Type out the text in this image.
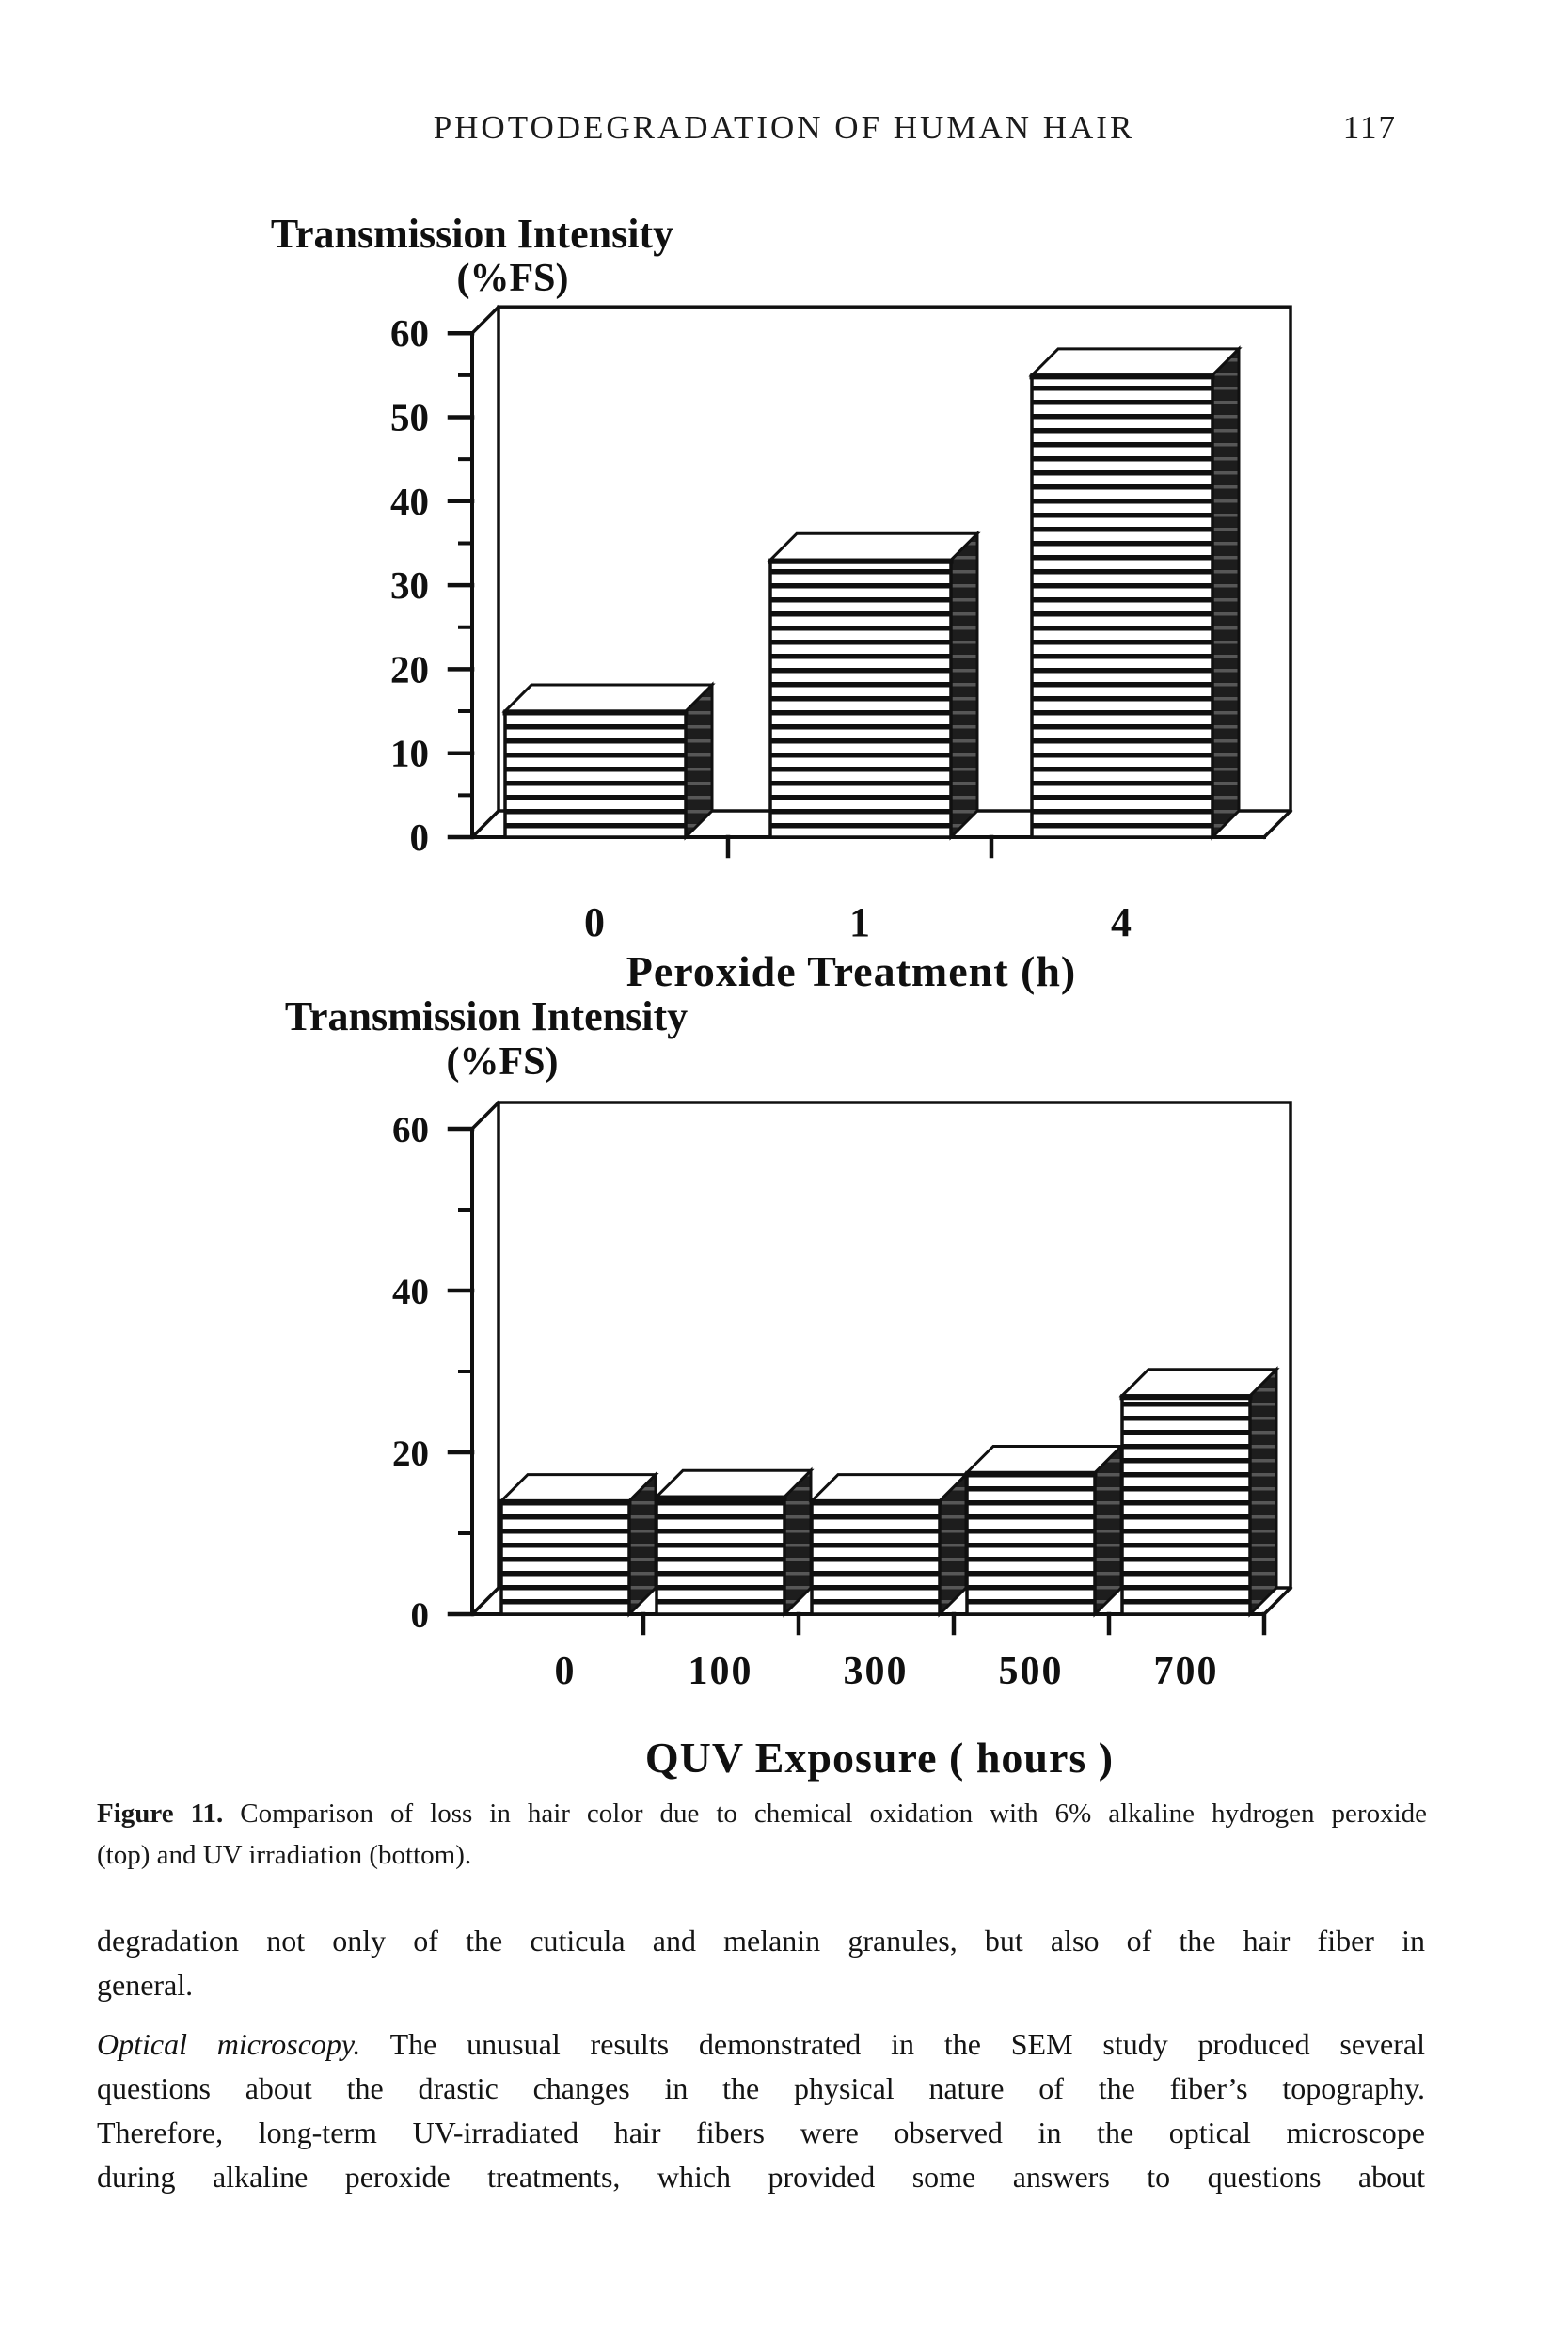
PHOTODEGRADATION OF HUMAN HAIR	117
Transmission Intensity
(%FS)
0
10
20
30
40
50
60
0	1	4
Peroxide Treatment (h)
Transmission Intensity
(%FS)
0
20
40
60
0	100 300 500 700
QUV Exposure ( hours )
Figure 11. Comparison of loss in hair color due to chemical oxidation with 6% alkaline hydrogen peroxide
(top) and UV irradiation (bottom).
degradation not only of the cuticula and melanin granules, but also of the hair fiber in
general.
Optical microscopy. The unusual results demonstrated in the SEM study produced several
questions about the drastic changes in the physical nature of the fiber’s topography.
Therefore, long-term UV-irradiated hair fibers were observed in the optical microscope
during alkaline peroxide treatments, which provided some answers to questions about
